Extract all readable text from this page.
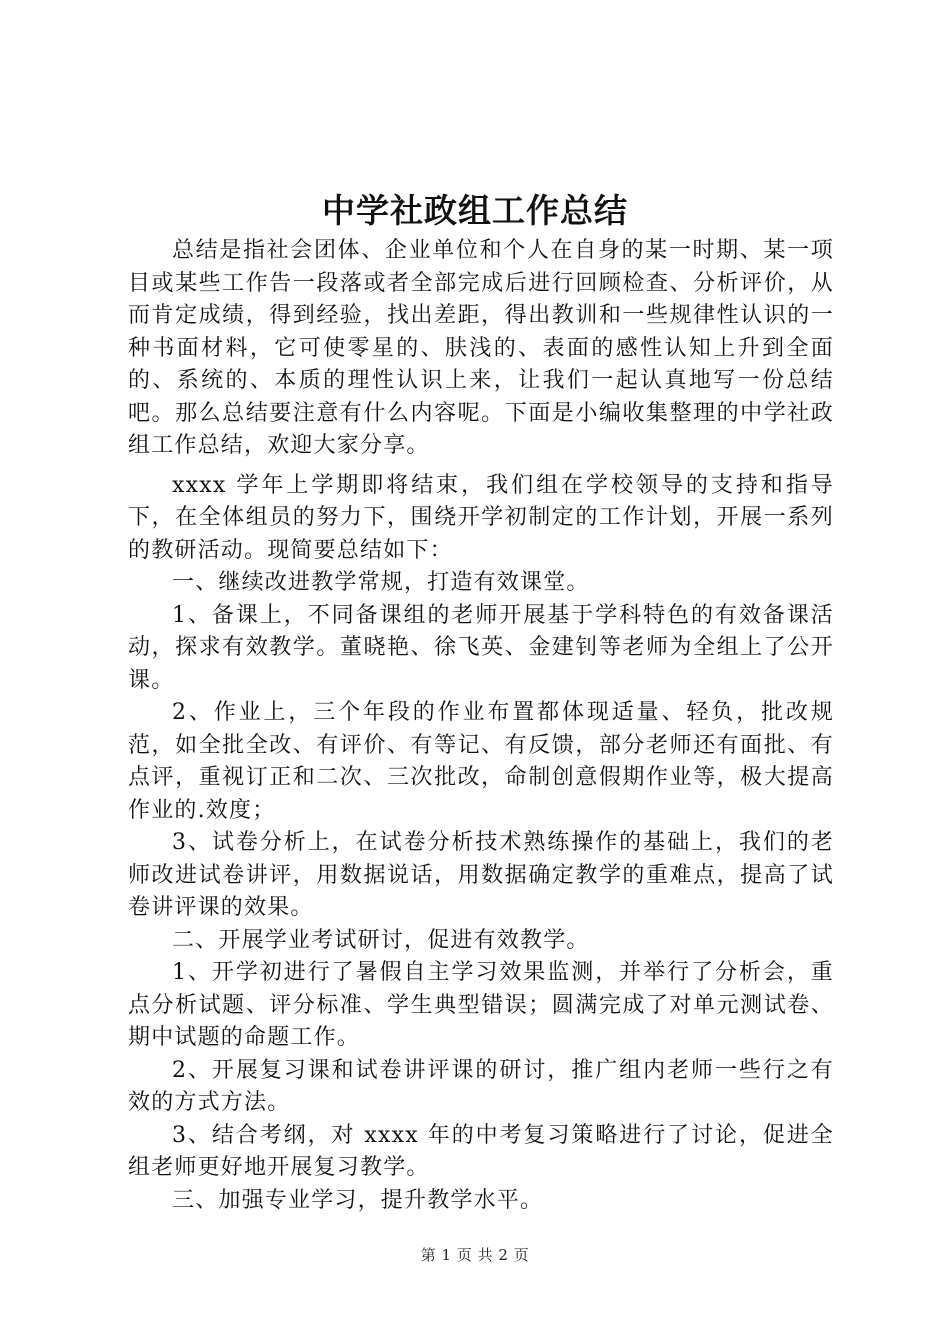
中学社政组工作总结

总结是指社会团体、企业单位和个人在自身的某一时期、某一项目或某些工作告一段落或者全部完成后进行回顾检查、分析评价，从而肯定成绩，得到经验，找出差距，得出教训和一些规律性认识的一种书面材料，它可使零星的、肤浅的、表面的感性认知上升到全面的、系统的、本质的理性认识上来，让我们一起认真地写一份总结吧。那么总结要注意有什么内容呢。下面是小编收集整理的中学社政组工作总结，欢迎大家分享。

xxxx 学年上学期即将结束，我们组在学校领导的支持和指导下，在全体组员的努力下，围绕开学初制定的工作计划，开展一系列的教研活动。现简要总结如下：

一、继续改进教学常规，打造有效课堂。

1、备课上，不同备课组的老师开展基于学科特色的有效备课活动，探求有效教学。董晓艳、徐飞英、金建钊等老师为全组上了公开课。

2、作业上，三个年段的作业布置都体现适量、轻负，批改规范，如全批全改、有评价、有等记、有反馈，部分老师还有面批、有点评，重视订正和二次、三次批改，命制创意假期作业等，极大提高作业的.效度；

3、试卷分析上，在试卷分析技术熟练操作的基础上，我们的老师改进试卷讲评，用数据说话，用数据确定教学的重难点，提高了试卷讲评课的效果。

二、开展学业考试研讨，促进有效教学。

1、开学初进行了暑假自主学习效果监测，并举行了分析会，重点分析试题、评分标准、学生典型错误；圆满完成了对单元测试卷、期中试题的命题工作。

2、开展复习课和试卷讲评课的研讨，推广组内老师一些行之有效的方式方法。

3、结合考纲，对 xxxx 年的中考复习策略进行了讨论，促进全组老师更好地开展复习教学。

三、加强专业学习，提升教学水平。

第 1 页 共 2 页
